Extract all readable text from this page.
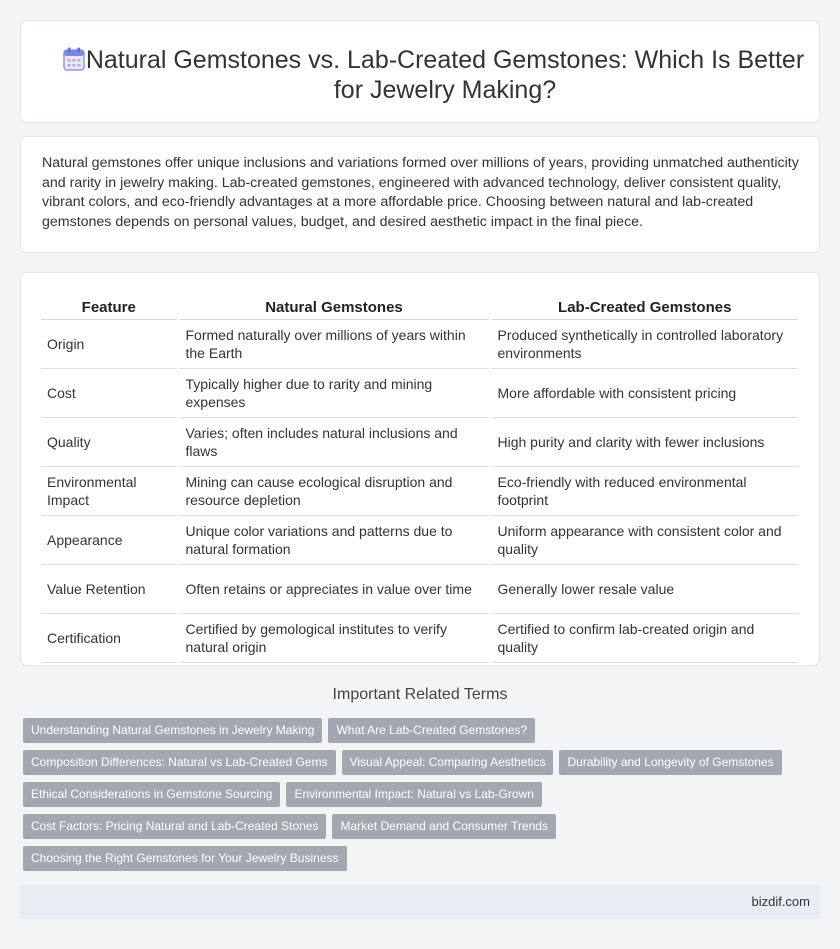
Natural Gemstones vs. Lab-Created Gemstones: Which Is Better for Jewelry Making?

Natural gemstones offer unique inclusions and variations formed over millions of years, providing unmatched authenticity and rarity in jewelry making. Lab-created gemstones, engineered with advanced technology, deliver consistent quality, vibrant colors, and eco-friendly advantages at a more affordable price. Choosing between natural and lab-created gemstones depends on personal values, budget, and desired aesthetic impact in the final piece.

Feature	Natural Gemstones	Lab-Created Gemstones
Origin	Formed naturally over millions of years within the Earth	Produced synthetically in controlled laboratory environments
Cost	Typically higher due to rarity and mining expenses	More affordable with consistent pricing
Quality	Varies; often includes natural inclusions and flaws	High purity and clarity with fewer inclusions
Environmental Impact	Mining can cause ecological disruption and resource depletion	Eco-friendly with reduced environmental footprint
Appearance	Unique color variations and patterns due to natural formation	Uniform appearance with consistent color and quality
Value Retention	Often retains or appreciates in value over time	Generally lower resale value
Certification	Certified by gemological institutes to verify natural origin	Certified to confirm lab-created origin and quality
Important Related Terms
Understanding Natural Gemstones in Jewelry Making	What Are Lab-Created Gemstones?
Composition Differences: Natural vs Lab-Created Gems	Visual Appeal: Comparing Aesthetics	Durability and Longevity of Gemstones
Ethical Considerations in Gemstone Sourcing	Environmental Impact: Natural vs Lab-Grown
Cost Factors: Pricing Natural and Lab-Created Stones	Market Demand and Consumer Trends
Choosing the Right Gemstones for Your Jewelry Business
bizdif.com
